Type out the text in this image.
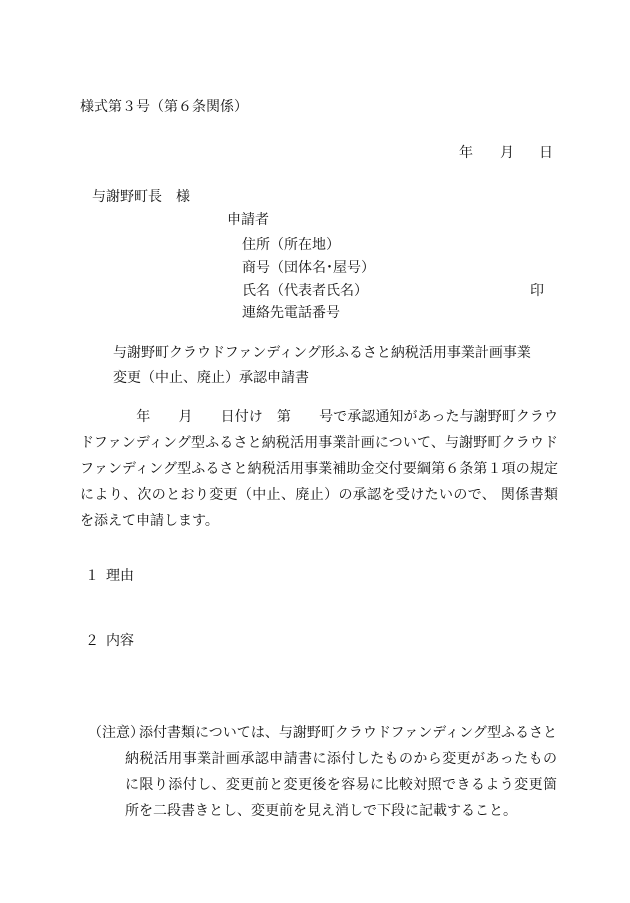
様式第３号（第６条関係）
年 月 日
与謝野町長　様
申請者
住所（所在地）
商号（団体名･屋号）
氏名（代表者氏名）	印
連絡先電話番号
与謝野町クラウドファンディング形ふるさと納税活用事業計画事業
変更（中止、廃止）承認申請書

　　　　年　　月　　日付け　第　　号で承認通知があった与謝野町クラウドファンディング型ふるさと納税活用事業計画について、与謝野町クラウドファンディング型ふるさと納税活用事業補助金交付要綱第６条第１項の規定により、次のとおり変更（中止、廃止）の承認を受けたいので、 関係書類を添えて申請します。

１ 理由
２ 内容
（注意）

添付書類については、与謝野町クラウドファンディング型ふるさと納税活用事業計画承認申請書に添付したものから変更があったものに限り添付し、変更前と変更後を容易に比較対照できるよう変更箇所を二段書きとし、変更前を見え消しで下段に記載すること。
